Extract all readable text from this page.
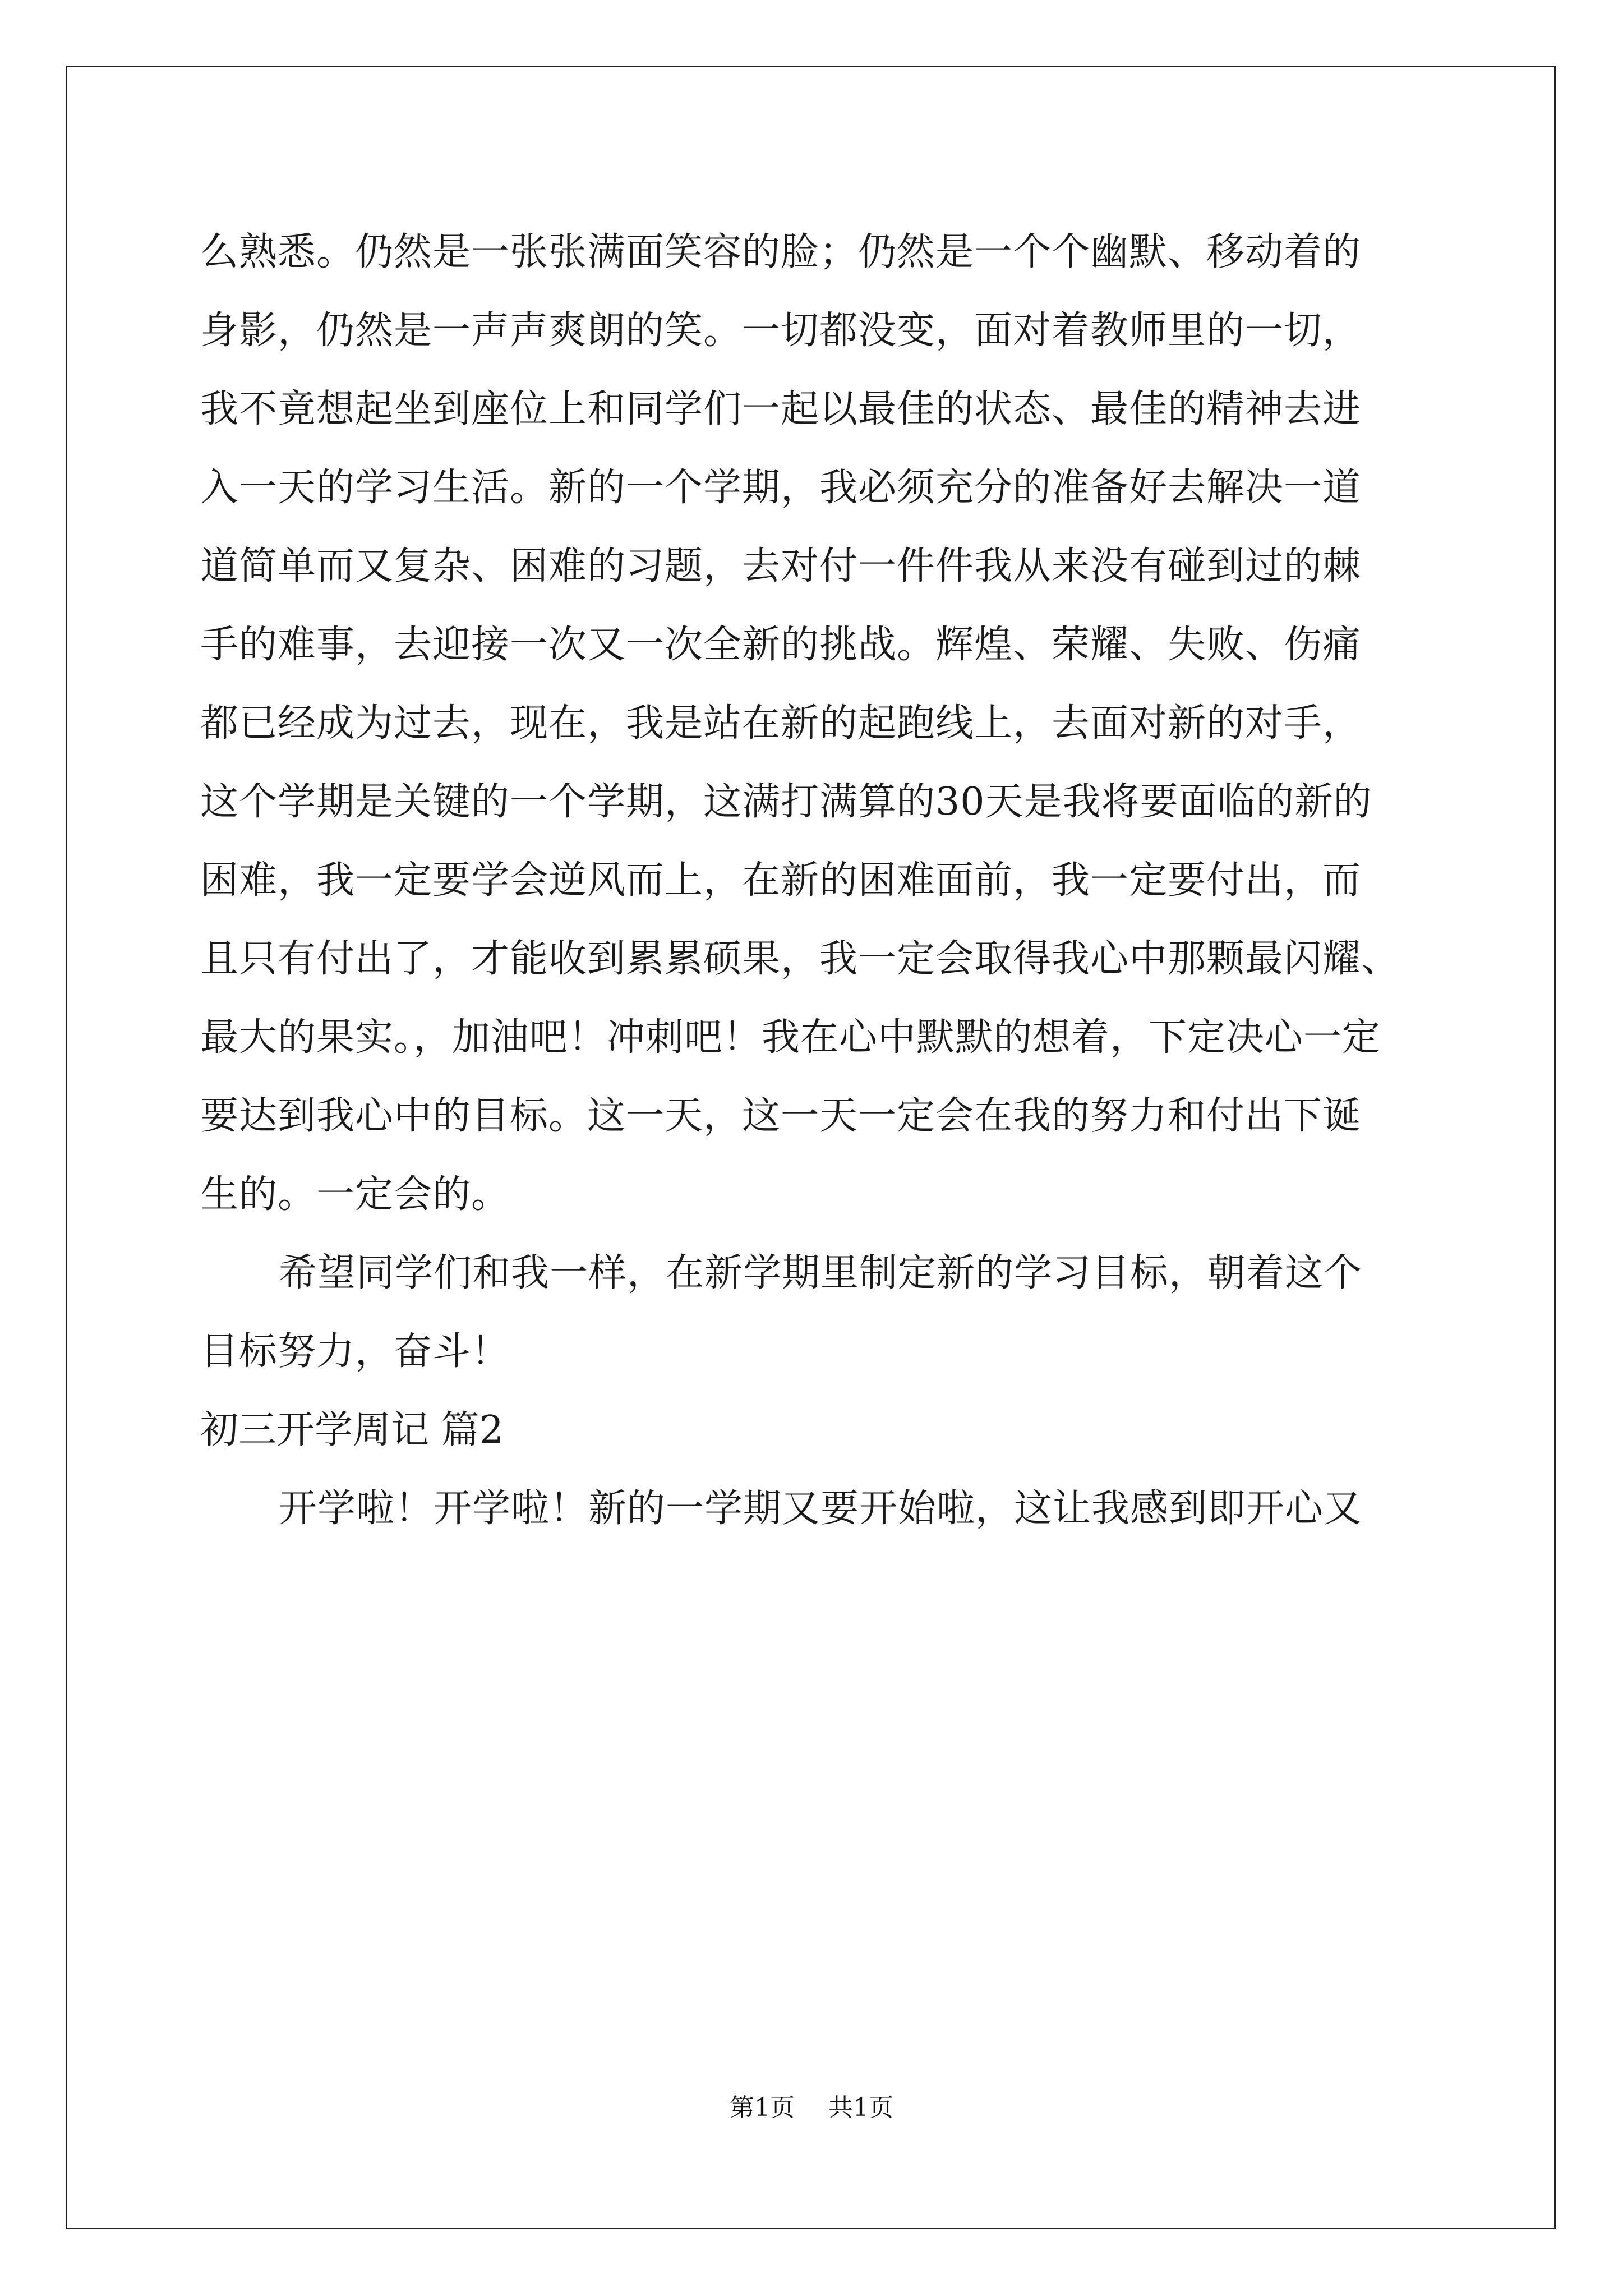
么熟悉。仍然是一张张满面笑容的脸；仍然是一个个幽默、移动着的
身影，仍然是一声声爽朗的笑。一切都没变，面对着教师里的一切，
我不竟想起坐到座位上和同学们一起以最佳的状态、最佳的精神去进
入一天的学习生活。新的一个学期，我必须充分的准备好去解决一道
道简单而又复杂、困难的习题，去对付一件件我从来没有碰到过的棘
手的难事，去迎接一次又一次全新的挑战。辉煌、荣耀、失败、伤痛
都已经成为过去，现在，我是站在新的起跑线上，去面对新的对手，
这个学期是关键的一个学期，这满打满算的30天是我将要面临的新的
困难，我一定要学会逆风而上，在新的困难面前，我一定要付出，而
且只有付出了，才能收到累累硕果，我一定会取得我心中那颗最闪耀、
最大的果实。，加油吧！冲刺吧！我在心中默默的想着，下定决心一定
要达到我心中的目标。这一天，这一天一定会在我的努力和付出下诞
生的。一定会的。
希望同学们和我一样，在新学期里制定新的学习目标，朝着这个
目标努力，奋斗！
初三开学周记 篇2
开学啦！开学啦！新的一学期又要开始啦，这让我感到即开心又
第1页 共1页
